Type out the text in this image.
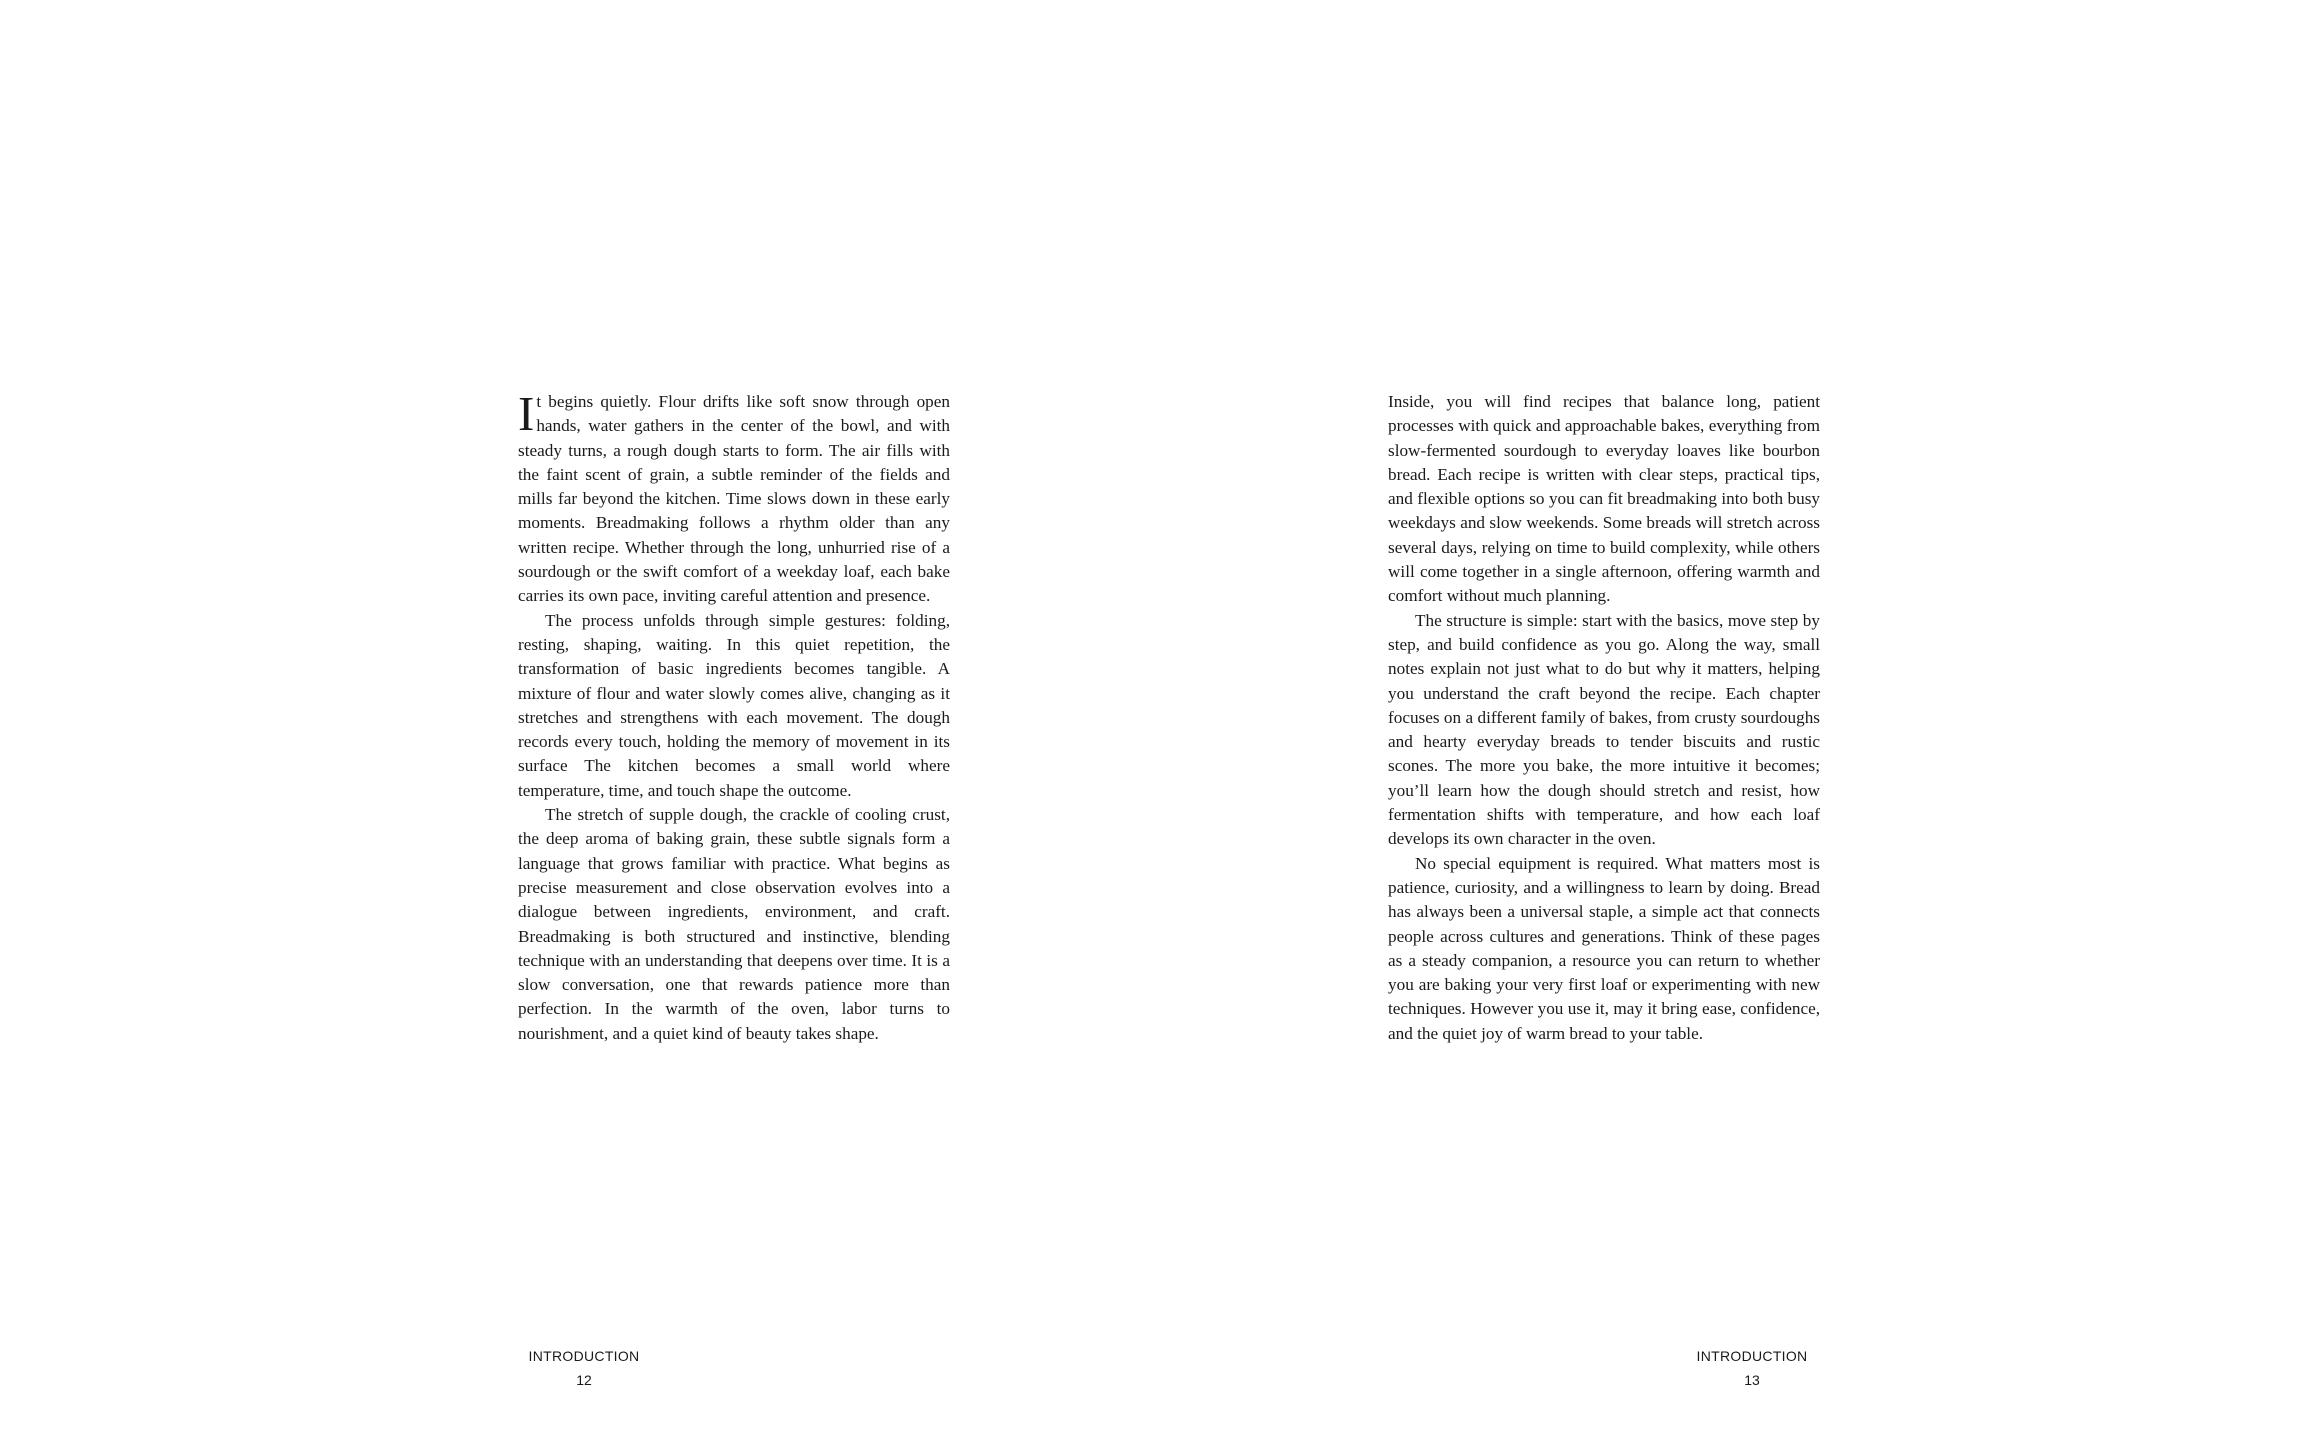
It begins quietly. Flour drifts like soft snow through open hands, water gathers in the center of the bowl, and with steady turns, a rough dough starts to form. The air fills with the faint scent of grain, a subtle reminder of the fields and mills far beyond the kitchen. Time slows down in these early moments. Breadmaking follows a rhythm older than any written recipe. Whether through the long, unhurried rise of a sourdough or the swift comfort of a weekday loaf, each bake carries its own pace, inviting careful attention and presence.

The process unfolds through simple gestures: folding, resting, shaping, waiting. In this quiet repetition, the transformation of basic ingredients becomes tangible. A mixture of flour and water slowly comes alive, changing as it stretches and strengthens with each movement. The dough records every touch, holding the memory of movement in its surface The kitchen becomes a small world where temperature, time, and touch shape the outcome.

The stretch of supple dough, the crackle of cooling crust, the deep aroma of baking grain, these subtle signals form a language that grows familiar with practice. What begins as precise measurement and close observation evolves into a dialogue between ingredients, environment, and craft. Breadmaking is both structured and instinctive, blending technique with an understanding that deepens over time. It is a slow conversation, one that rewards patience more than perfection. In the warmth of the oven, labor turns to nourishment, and a quiet kind of beauty takes shape.

Inside, you will find recipes that balance long, patient processes with quick and approachable bakes, everything from slow-fermented sourdough to everyday loaves like bourbon bread. Each recipe is written with clear steps, practical tips, and flexible options so you can fit breadmaking into both busy weekdays and slow weekends. Some breads will stretch across several days, relying on time to build complexity, while others will come together in a single afternoon, offering warmth and comfort without much planning.

The structure is simple: start with the basics, move step by step, and build confidence as you go. Along the way, small notes explain not just what to do but why it matters, helping you understand the craft beyond the recipe. Each chapter focuses on a different family of bakes, from crusty sourdoughs and hearty everyday breads to tender biscuits and rustic scones. The more you bake, the more intuitive it becomes; you’ll learn how the dough should stretch and resist, how fermentation shifts with temperature, and how each loaf develops its own character in the oven.

No special equipment is required. What matters most is patience, curiosity, and a willingness to learn by doing. Bread has always been a universal staple, a simple act that connects people across cultures and generations. Think of these pages as a steady companion, a resource you can return to whether you are baking your very first loaf or experimenting with new techniques. However you use it, may it bring ease, confidence, and the quiet joy of warm bread to your table.

INTRODUCTION
12
INTRODUCTION
13
